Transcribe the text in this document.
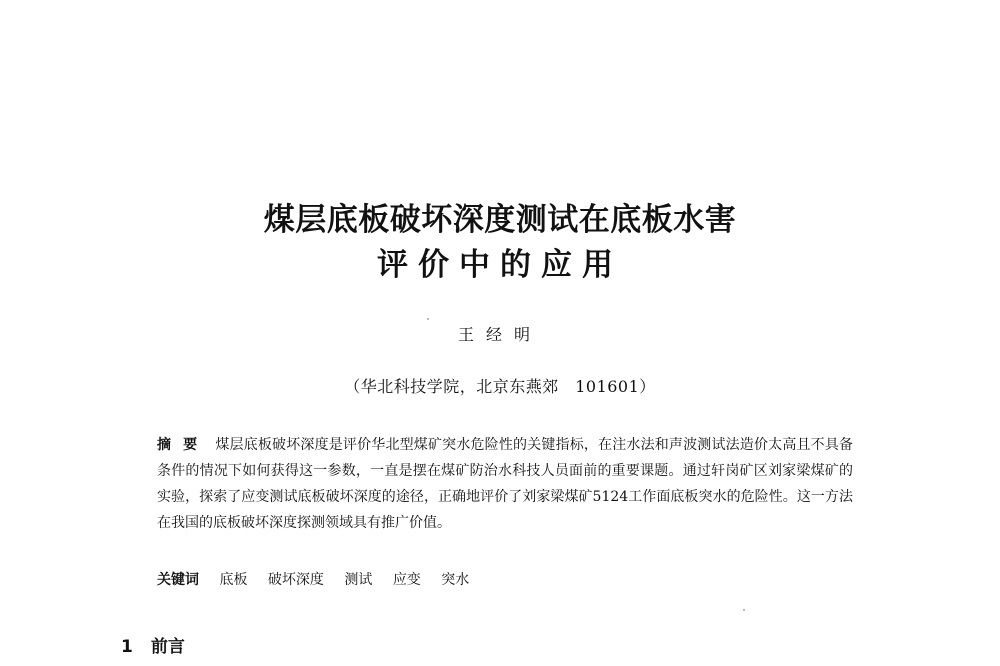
煤层底板破坏深度测试在底板水害
评价中的应用
王经明
（华北科技学院，北京东燕郊　101601）

摘要 煤层底板破坏深度是评价华北型煤矿突水危险性的关键指标，在注水法和声波测试法造价太高且不具备条件的情况下如何获得这一参数，一直是摆在煤矿防治水科技人员面前的重要课题。通过轩岗矿区刘家梁煤矿的实验，探索了应变测试底板破坏深度的途径，正确地评价了刘家梁煤矿5124工作面底板突水的危险性。这一方法在我国的底板破坏深度探测领域具有推广价值。

关键词 底板 破坏深度 测试 应变 突水
1 前言
